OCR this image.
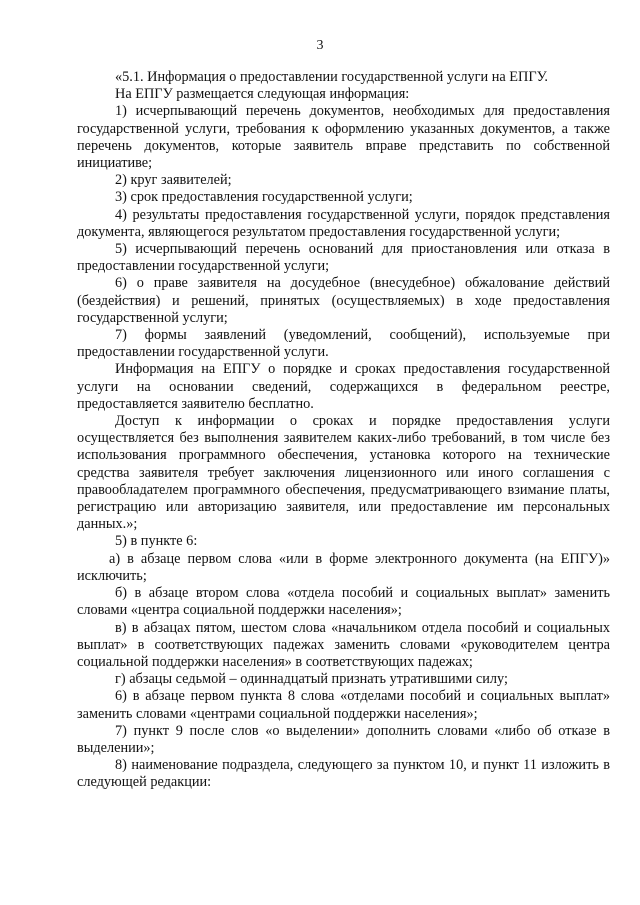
3

«5.1. Информация о предоставлении государственной услуги на ЕПГУ.

На ЕПГУ размещается следующая информация:

1) исчерпывающий перечень документов, необходимых для предоставления государственной услуги, требования к оформлению указанных документов, а также перечень документов, которые заявитель вправе представить по собственной инициативе;

2) круг заявителей;

3) срок предоставления государственной услуги;

4) результаты предоставления государственной услуги, порядок представления документа, являющегося результатом предоставления государственной услуги;

5) исчерпывающий перечень оснований для приостановления или отказа в предоставлении государственной услуги;

6) о праве заявителя на досудебное (внесудебное) обжалование действий (бездействия) и решений, принятых (осуществляемых) в ходе предоставления государственной услуги;

7) формы заявлений (уведомлений, сообщений), используемые при предоставлении государственной услуги.

Информация на ЕПГУ о порядке и сроках предоставления государственной услуги на основании сведений, содержащихся в федеральном реестре, предоставляется заявителю бесплатно.

Доступ к информации о сроках и порядке предоставления услуги осуществляется без выполнения заявителем каких-либо требований, в том числе без использования программного обеспечения, установка которого на технические средства заявителя требует заключения лицензионного или иного соглашения с правообладателем программного обеспечения, предусматривающего взимание платы, регистрацию или авторизацию заявителя, или предоставление им персональных данных.»;

5) в пункте 6:

а) в абзаце первом слова «или в форме электронного документа (на ЕПГУ)» исключить;

б) в абзаце втором слова «отдела пособий и социальных выплат» заменить словами «центра социальной поддержки населения»;

в) в абзацах пятом, шестом слова «начальником отдела пособий и социальных выплат» в соответствующих падежах заменить словами «руководителем центра социальной поддержки населения» в соответствующих падежах;

г) абзацы седьмой – одиннадцатый признать утратившими силу;

6) в абзаце первом пункта 8 слова «отделами пособий и социальных выплат» заменить словами «центрами социальной поддержки населения»;

7) пункт 9 после слов «о выделении» дополнить словами «либо об отказе в выделении»;

8) наименование подраздела, следующего за пунктом 10, и пункт 11 изложить в следующей редакции:
